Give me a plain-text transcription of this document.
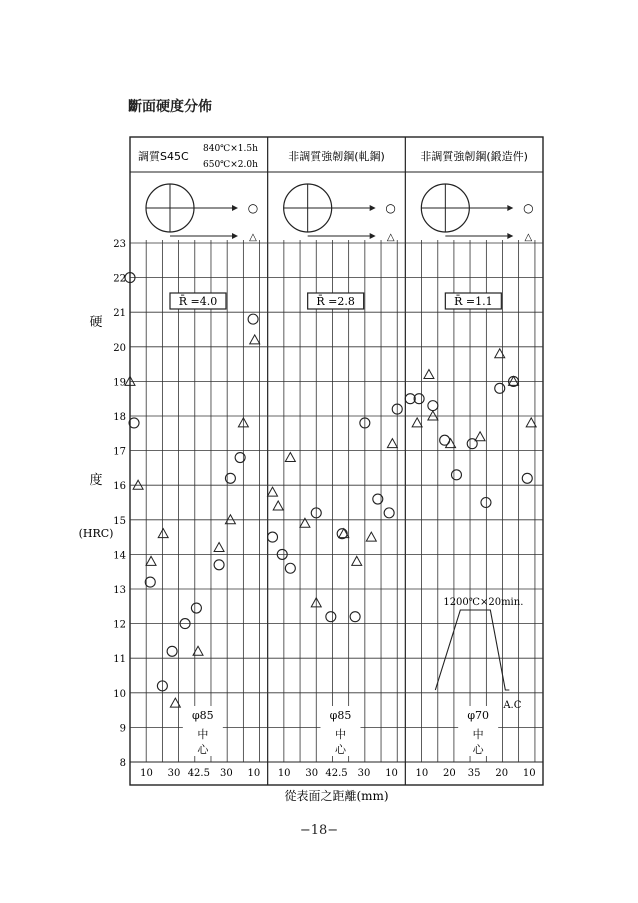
斷面硬度分佈
調質S45C
840℃×1.5h
650℃×2.0h
○
△
非調質強韌鋼(軋鋼)
○
△
非調質強韌鋼(鍛造件)
○
△
8
9
10
11
12
13
14
15
16
17
18
19
20
21
22
23
硬
度
(HRC)
從表面之距離(mm)
R̄ =4.0
φ85
中
心
10 30 42.5 30 10
R̄ =2.8
φ85
中
心
10 30 42.5 30 10
R̄ =1.1
φ70
中
心
10 20 35 20 10
1200℃×20min.
A.C
−18−
